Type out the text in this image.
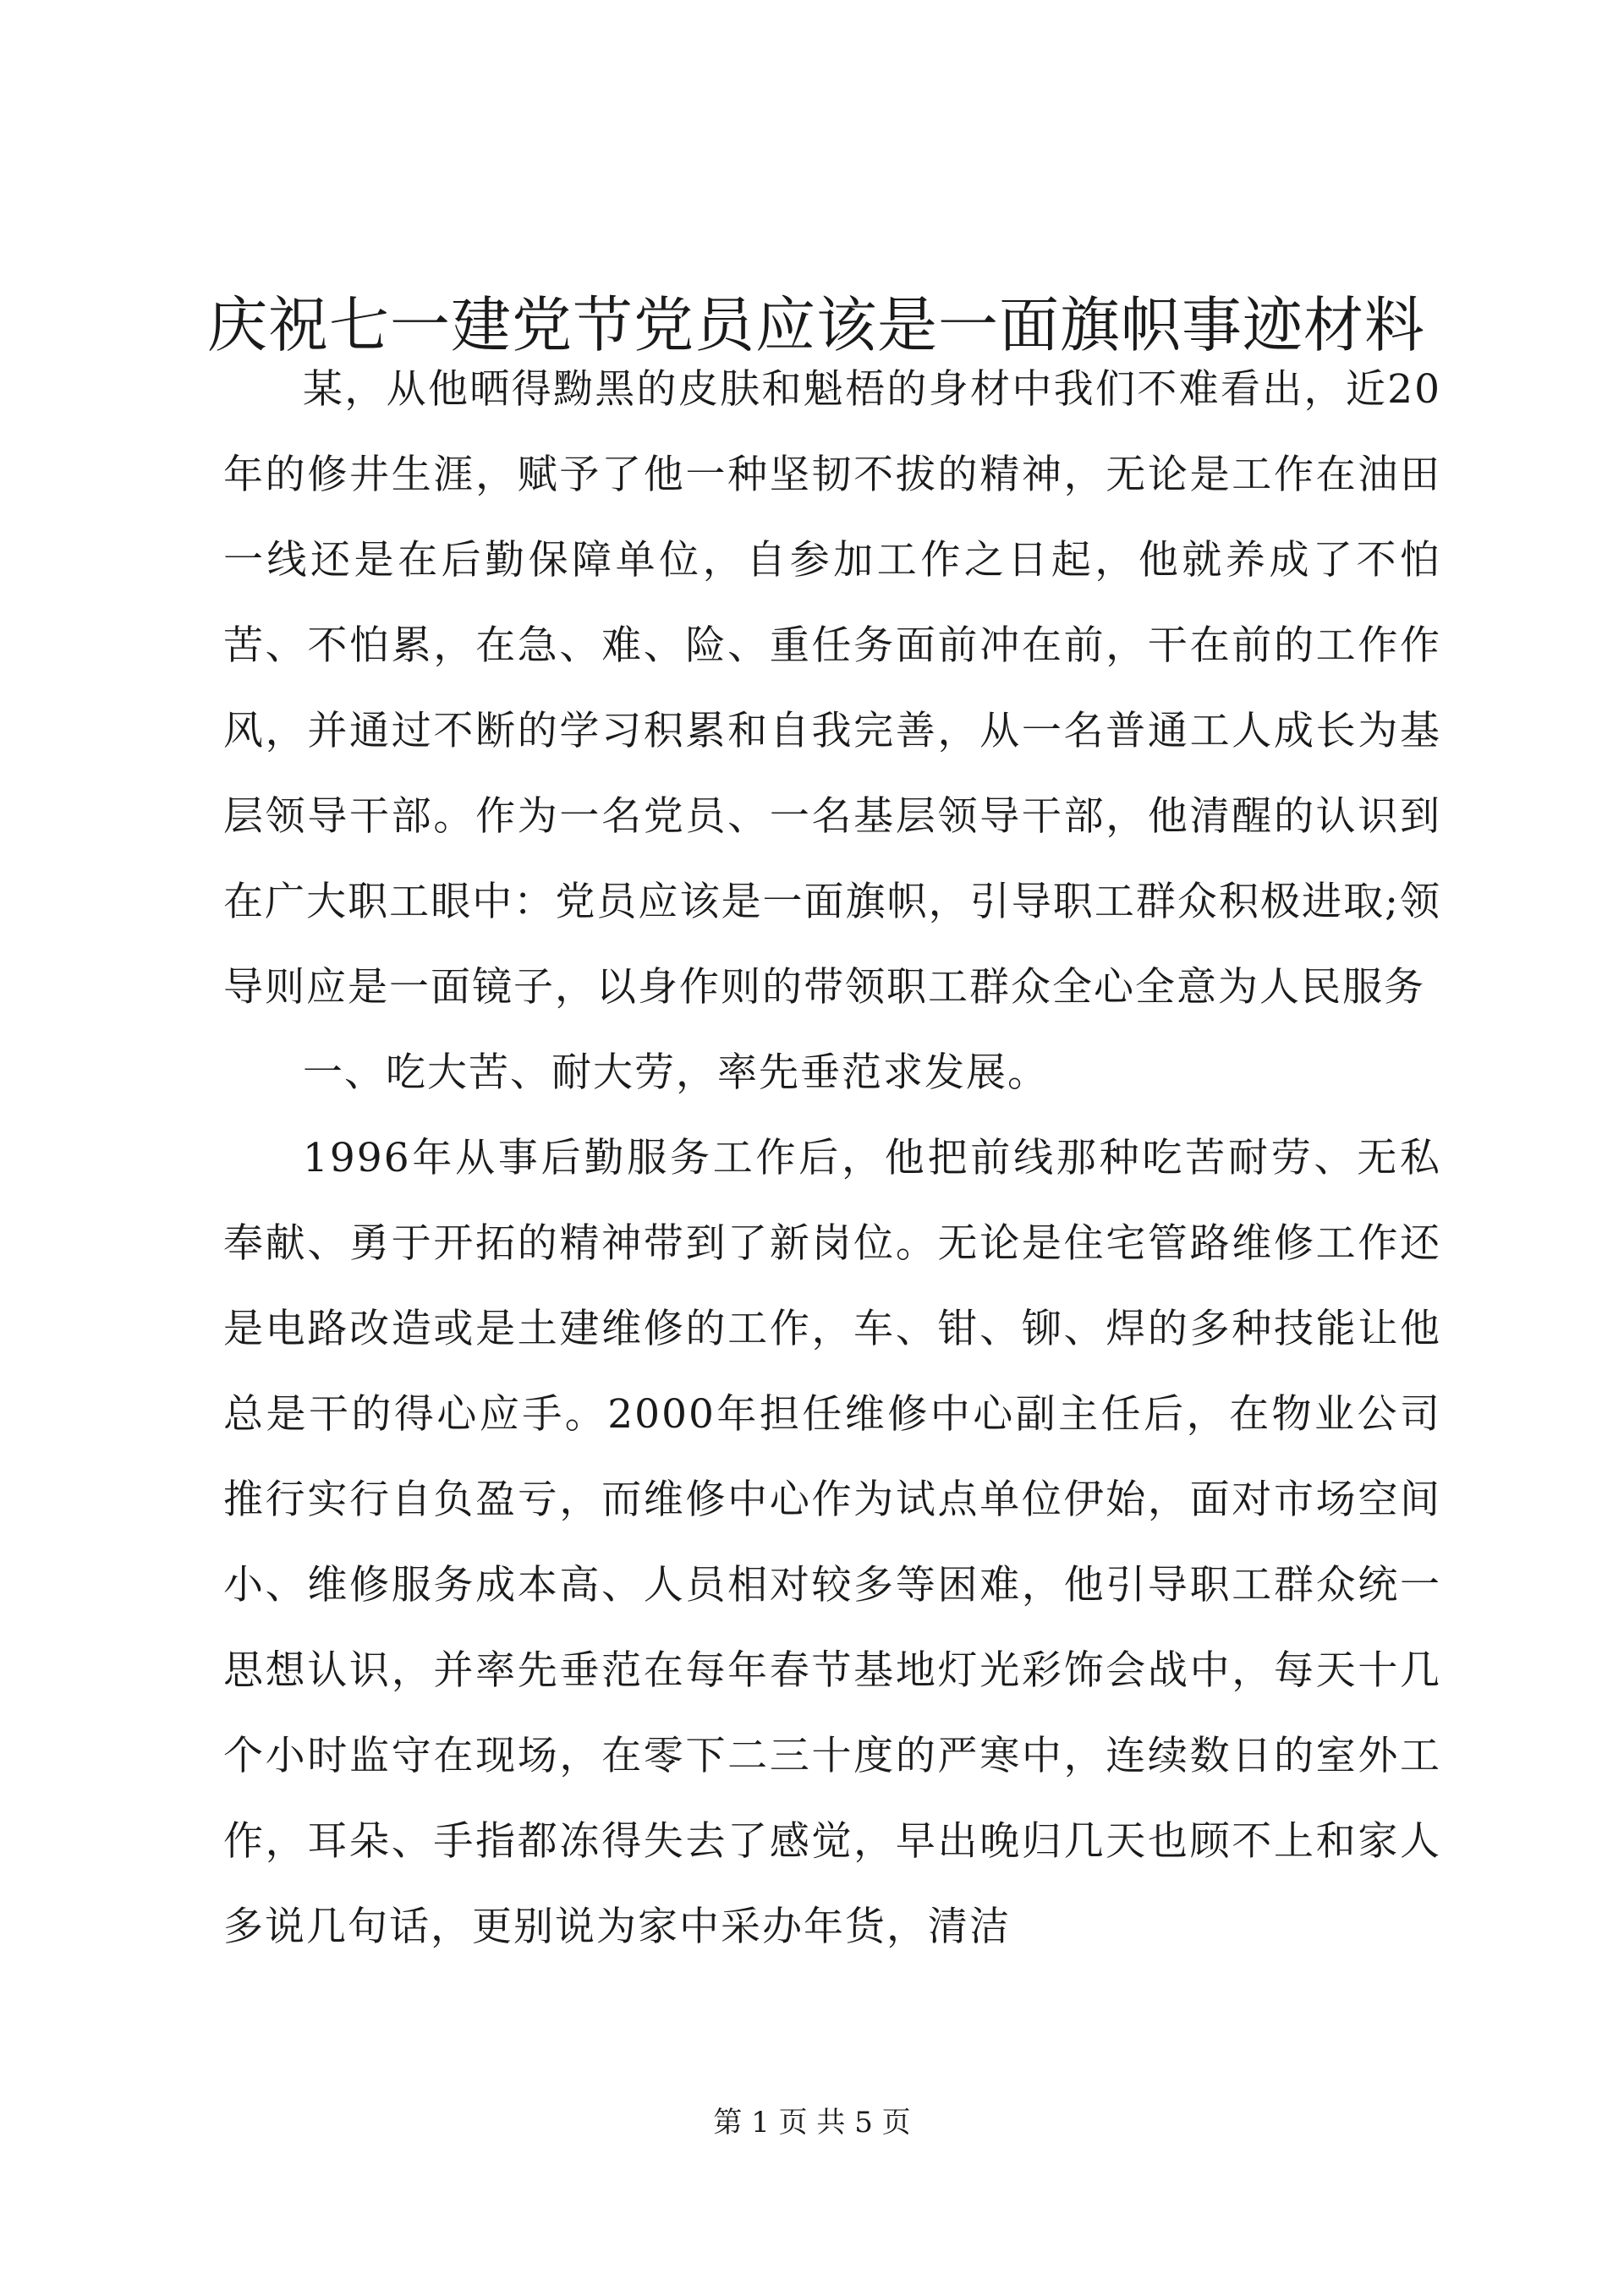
庆祝七一建党节党员应该是一面旗帜事迹材料

某，从他晒得黝黑的皮肤和魁梧的身材中我们不难看出，近20年的修井生涯，赋予了他一种坚韧不拔的精神，无论是工作在油田一线还是在后勤保障单位，自参加工作之日起，他就养成了不怕苦、不怕累，在急、难、险、重任务面前冲在前，干在前的工作作风，并通过不断的学习积累和自我完善，从一名普通工人成长为基层领导干部。作为一名党员、一名基层领导干部，他清醒的认识到在广大职工眼中：党员应该是一面旗帜，引导职工群众积极进取;领导则应是一面镜子，以身作则的带领职工群众全心全意为人民服务

一、吃大苦、耐大劳，率先垂范求发展。

1996年从事后勤服务工作后，他把前线那种吃苦耐劳、无私奉献、勇于开拓的精神带到了新岗位。无论是住宅管路维修工作还是电路改造或是土建维修的工作，车、钳、铆、焊的多种技能让他总是干的得心应手。2000年担任维修中心副主任后，在物业公司推行实行自负盈亏，而维修中心作为试点单位伊始，面对市场空间小、维修服务成本高、人员相对较多等困难，他引导职工群众统一思想认识，并率先垂范在每年春节基地灯光彩饰会战中，每天十几个小时监守在现场，在零下二三十度的严寒中，连续数日的室外工作，耳朵、手指都冻得失去了感觉，早出晚归几天也顾不上和家人多说几句话，更别说为家中采办年货，清洁

第 1 页 共 5 页
